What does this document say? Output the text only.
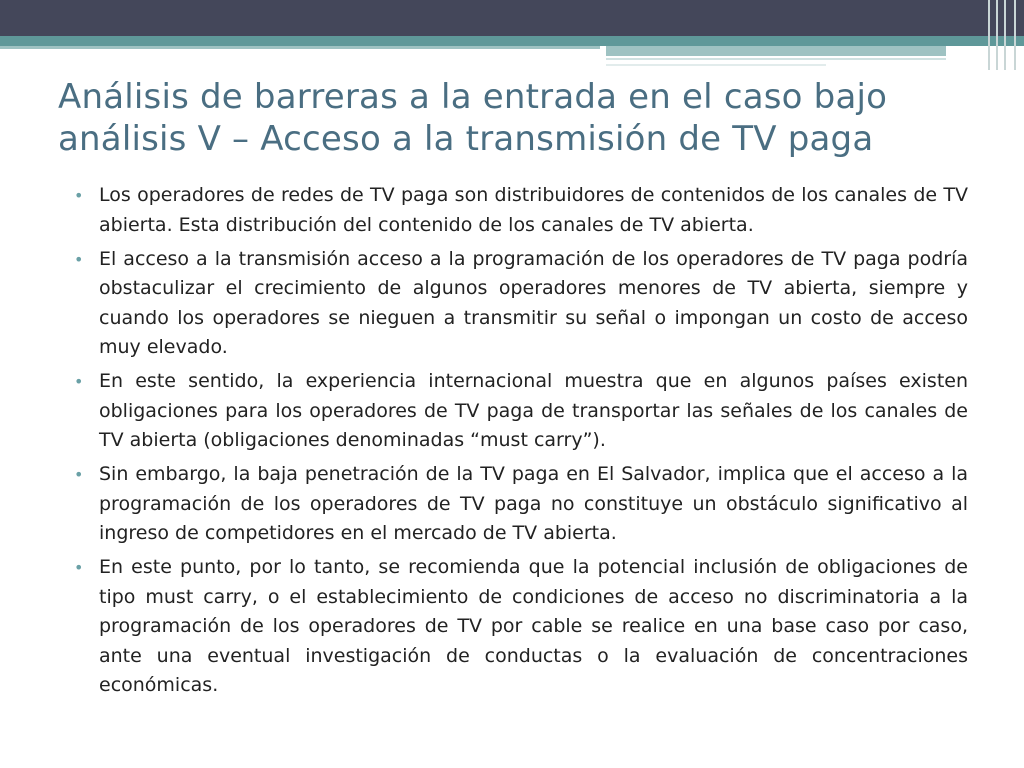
Análisis de barreras a la entrada en el caso bajo análisis V – Acceso a la transmisión de TV paga
• Los operadores de redes de TV paga son distribuidores de contenidos de los canales de TV abierta. Esta distribución del contenido de los canales de TV abierta.
• El acceso a la transmisión acceso a la programación de los operadores de TV paga podría obstaculizar el crecimiento de algunos operadores menores de TV abierta, siempre y cuando los operadores se nieguen a transmitir su señal o impongan un costo de acceso muy elevado.
• En este sentido, la experiencia internacional muestra que en algunos países existen obligaciones para los operadores de TV paga de transportar las señales de los canales de TV abierta (obligaciones denominadas “must carry”).
• Sin embargo, la baja penetración de la TV paga en El Salvador, implica que el acceso a la programación de los operadores de TV paga no constituye un obstáculo significativo al ingreso de competidores en el mercado de TV abierta.
• En este punto, por lo tanto, se recomienda que la potencial inclusión de obligaciones de tipo must carry, o el establecimiento de condiciones de acceso no discriminatoria a la programación de los operadores de TV por cable se realice en una base caso por caso, ante una eventual investigación de conductas o la evaluación de concentraciones económicas.
